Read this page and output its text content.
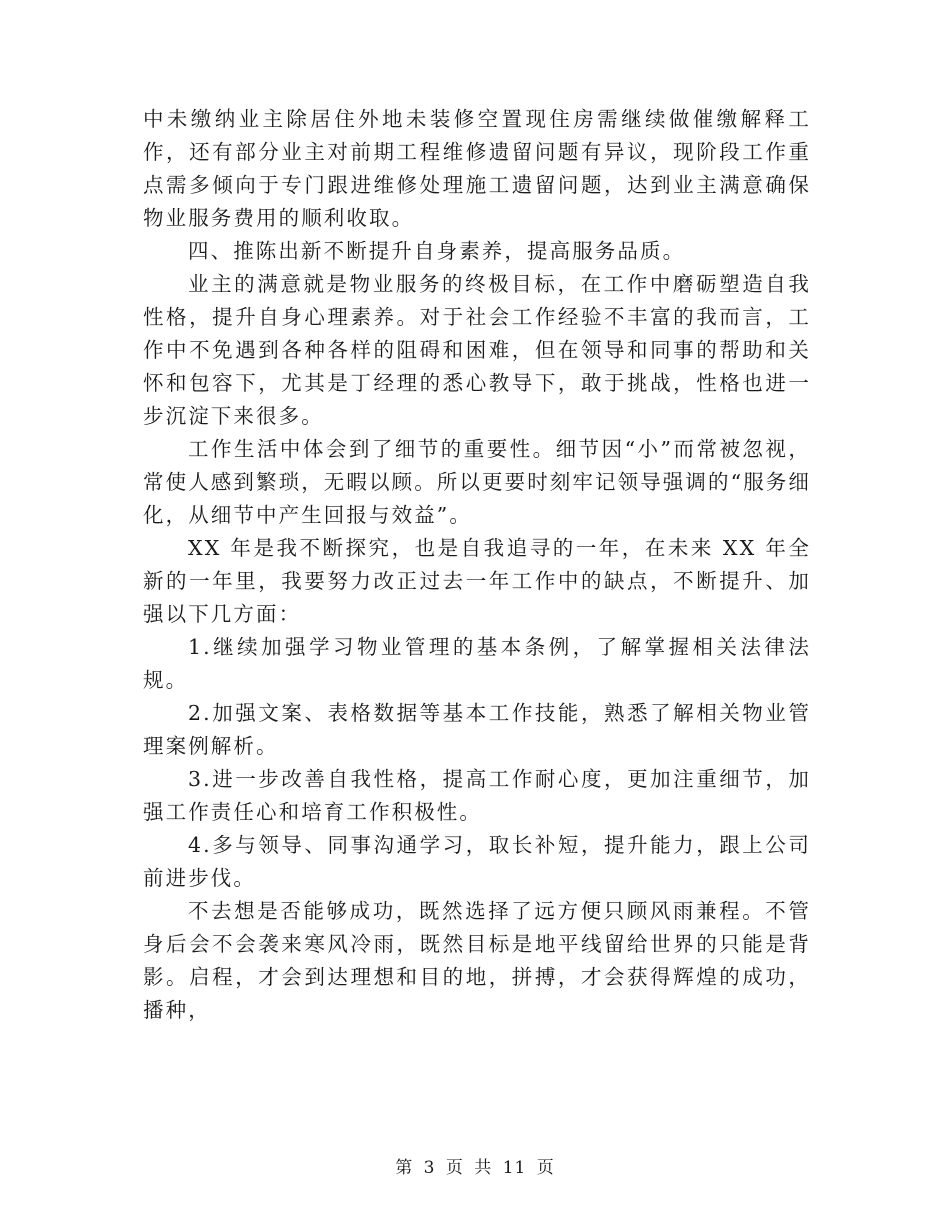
中未缴纳业主除居住外地未装修空置现住房需继续做催缴解释工作，还有部分业主对前期工程维修遗留问题有异议，现阶段工作重点需多倾向于专门跟进维修处理施工遗留问题，达到业主满意确保物业服务费用的顺利收取。

四、推陈出新不断提升自身素养，提高服务品质。

业主的满意就是物业服务的终极目标，在工作中磨砺塑造自我性格，提升自身心理素养。对于社会工作经验不丰富的我而言，工作中不免遇到各种各样的阻碍和困难，但在领导和同事的帮助和关怀和包容下，尤其是丁经理的悉心教导下，敢于挑战，性格也进一步沉淀下来很多。

工作生活中体会到了细节的重要性。细节因“小”而常被忽视，常使人感到繁琐，无暇以顾。所以更要时刻牢记领导强调的“服务细化，从细节中产生回报与效益”。

XX 年是我不断探究，也是自我追寻的一年，在未来 XX 年全新的一年里，我要努力改正过去一年工作中的缺点，不断提升、加强以下几方面：

1.继续加强学习物业管理的基本条例，了解掌握相关法律法规。

2.加强文案、表格数据等基本工作技能，熟悉了解相关物业管理案例解析。

3.进一步改善自我性格，提高工作耐心度，更加注重细节，加强工作责任心和培育工作积极性。

4.多与领导、同事沟通学习，取长补短，提升能力，跟上公司前进步伐。

不去想是否能够成功，既然选择了远方便只顾风雨兼程。不管身后会不会袭来寒风冷雨，既然目标是地平线留给世界的只能是背影。启程，才会到达理想和目的地，拼搏，才会获得辉煌的成功，播种，

第 3 页 共 11 页
